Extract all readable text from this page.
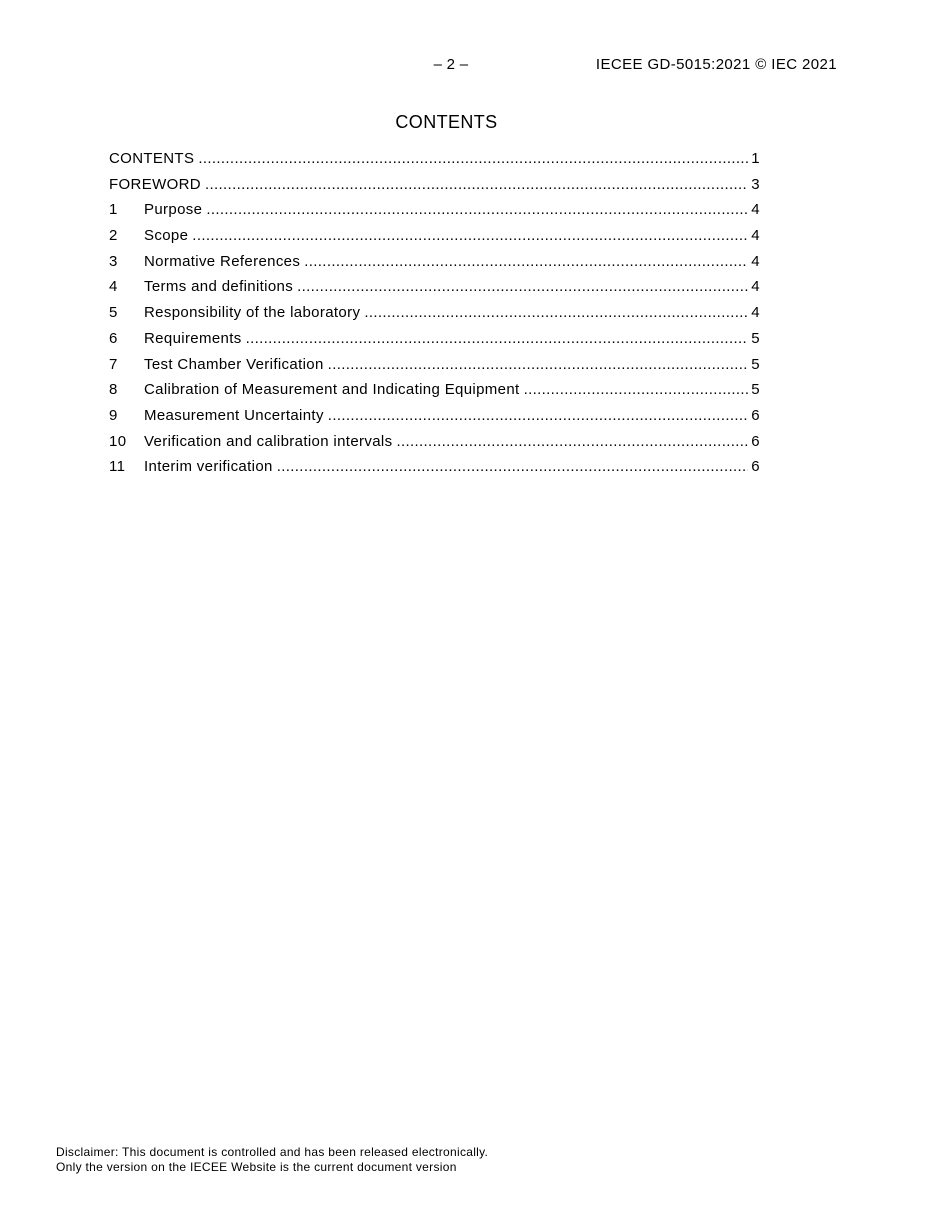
– 2 –	IECEE GD-5015:2021 © IEC 2021
CONTENTS
CONTENTS .....	1
FOREWORD .....	3
1	Purpose .....	4
2	Scope .....	4
3	Normative References .....	4
4	Terms and definitions .....	4
5	Responsibility of the laboratory .....	4
6	Requirements .....	5
7	Test Chamber Verification .....	5
8	Calibration of Measurement and Indicating Equipment .....	5
9	Measurement Uncertainty .....	6
10	Verification and calibration intervals .....	6
11	Interim verification .....	6
Disclaimer: This document is controlled and has been released electronically.
Only the version on the IECEE Website is the current document version
